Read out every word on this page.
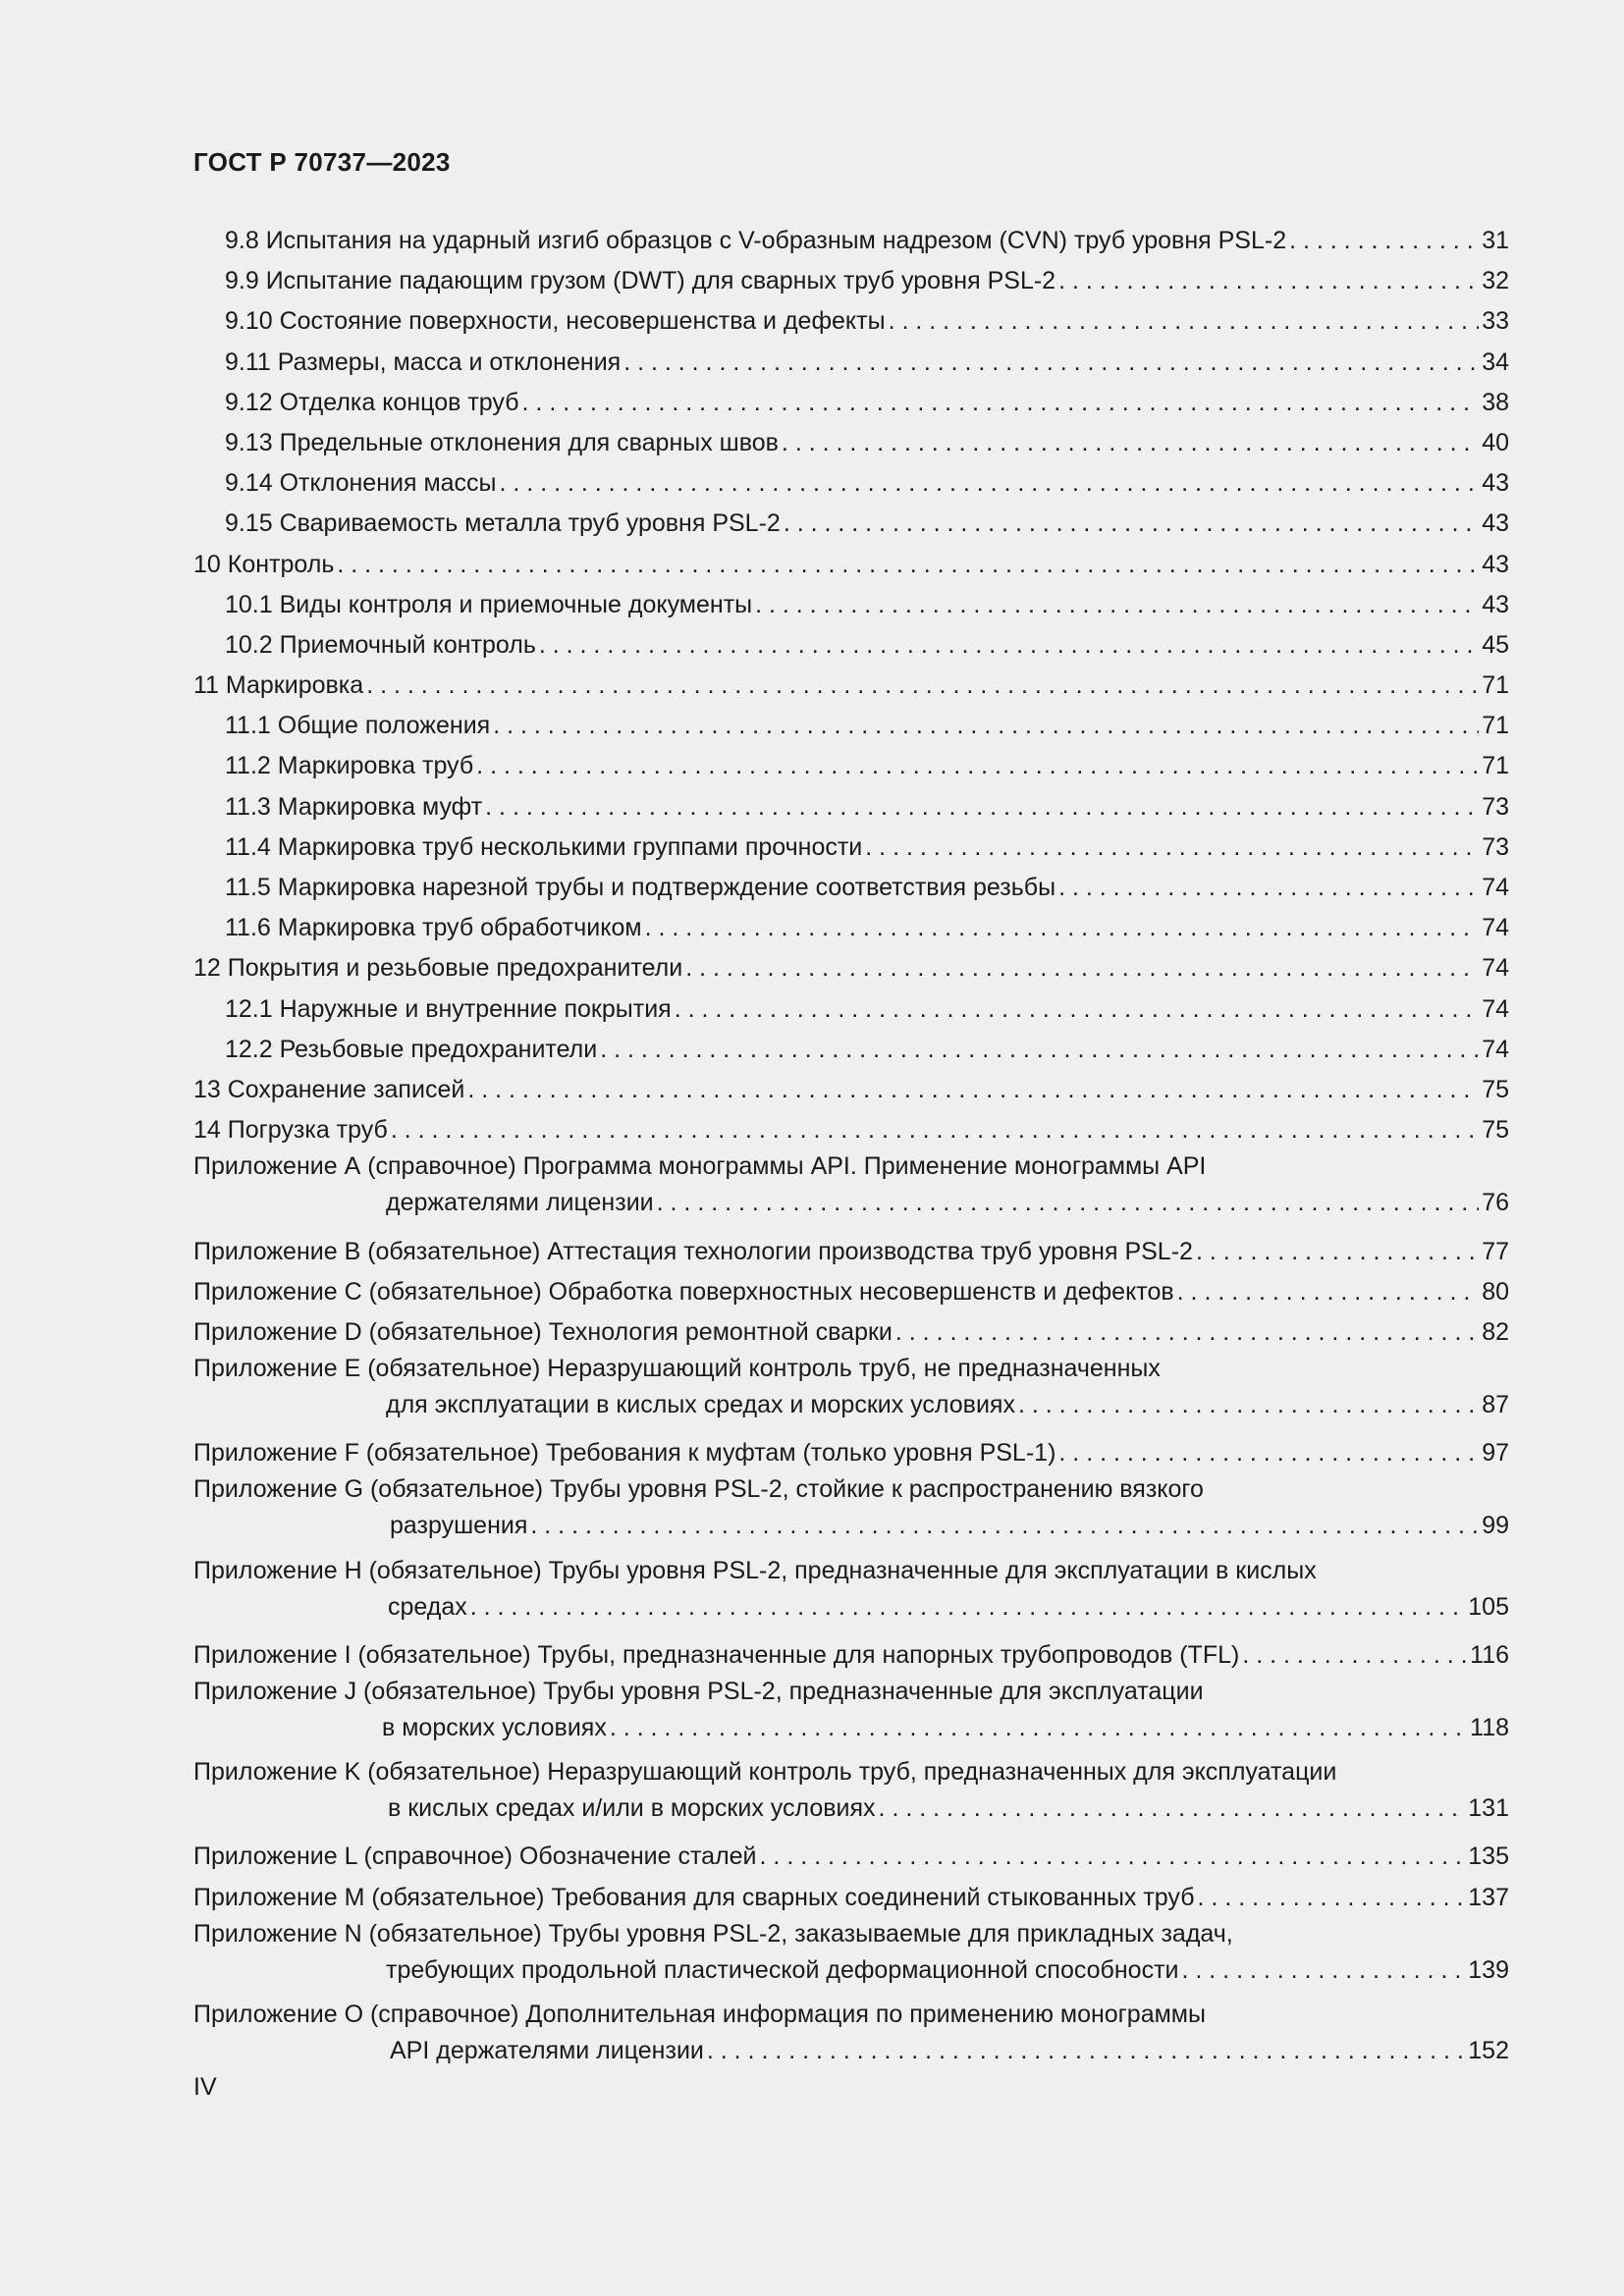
ГОСТ Р 70737—2023
9.8 Испытания на ударный изгиб образцов с V-образным надрезом (CVN) труб уровня PSL-2 . . .	31
9.9 Испытание падающим грузом (DWT) для сварных труб уровня PSL-2 . . .	32
9.10 Состояние поверхности, несовершенства и дефекты . . .	33
9.11 Размеры, масса и отклонения . . .	34
9.12 Отделка концов труб . . .	38
9.13 Предельные отклонения для сварных швов . . .	40
9.14 Отклонения массы . . .	43
9.15 Свариваемость металла труб уровня PSL-2 . . .	43
10 Контроль . . .	43
10.1 Виды контроля и приемочные документы . . .	43
10.2 Приемочный контроль . . .	45
11 Маркировка . . .	71
11.1 Общие положения . . .	71
11.2 Маркировка труб . . .	71
11.3 Маркировка муфт . . .	73
11.4 Маркировка труб несколькими группами прочности . . .	73
11.5 Маркировка нарезной трубы и подтверждение соответствия резьбы . . .	74
11.6 Маркировка труб обработчиком . . .	74
12 Покрытия и резьбовые предохранители . . .	74
12.1 Наружные и внутренние покрытия . . .	74
12.2 Резьбовые предохранители . . .	74
13 Сохранение записей . . .	75
14 Погрузка труб . . .	75
Приложение А (справочное) Программа монограммы API. Применение монограммы API
держателями лицензии . . .	76
Приложение В (обязательное) Аттестация технологии производства труб уровня PSL-2 . . .	77
Приложение С (обязательное) Обработка поверхностных несовершенств и дефектов . . .	80
Приложение D (обязательное) Технология ремонтной сварки . . .	82
Приложение Е (обязательное) Неразрушающий контроль труб, не предназначенных
для эксплуатации в кислых средах и морских условиях . . .	87
Приложение F (обязательное) Требования к муфтам (только уровня PSL-1) . . .	97
Приложение G (обязательное) Трубы уровня PSL-2, стойкие к распространению вязкого
разрушения . . .	99
Приложение Н (обязательное) Трубы уровня PSL-2, предназначенные для эксплуатации в кислых
средах . . .	105
Приложение I (обязательное) Трубы, предназначенные для напорных трубопроводов (TFL) . . .	116
Приложение J (обязательное) Трубы уровня PSL-2, предназначенные для эксплуатации
в морских условиях . . .	118
Приложение K (обязательное) Неразрушающий контроль труб, предназначенных для эксплуатации
в кислых средах и/или в морских условиях . . .	131
Приложение L (справочное) Обозначение сталей . . .	135
Приложение М (обязательное) Требования для сварных соединений стыкованных труб . . .	137
Приложение N (обязательное) Трубы уровня PSL-2, заказываемые для прикладных задач,
требующих продольной пластической деформационной способности . . .	139
Приложение О (справочное) Дополнительная информация по применению монограммы
API держателями лицензии . . .	152
IV
